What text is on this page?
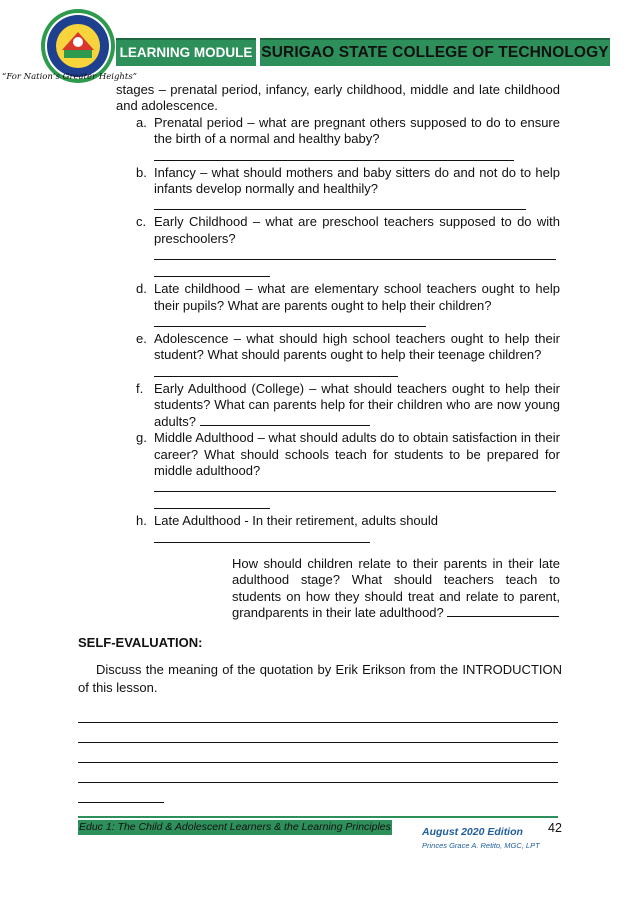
“For Nation’s Greater Heights”
LEARNING MODULE SURIGAO STATE COLLEGE OF TECHNOLOGY

stages – prenatal period, infancy, early childhood, middle and late childhood and adolescence.

a. Prenatal period – what are pregnant others supposed to do to ensure the birth of a normal and healthy baby?
b. Infancy – what should mothers and baby sitters do and not do to help infants develop normally and healthily?
c. Early Childhood – what are preschool teachers supposed to do with preschoolers?
d. Late childhood – what are elementary school teachers ought to help their pupils? What are parents ought to help their children?
e. Adolescence – what should high school teachers ought to help their student? What should parents ought to help their teenage children?
f. Early Adulthood (College) – what should teachers ought to help their students? What can parents help for their children who are now young adults?
g. Middle Adulthood – what should adults do to obtain satisfaction in their career? What should schools teach for students to be prepared for middle adulthood?
h. Late Adulthood - In their retirement, adults should

How should children relate to their parents in their late adulthood stage? What should teachers teach to students on how they should treat and relate to parent, grandparents in their late adulthood?

SELF-EVALUATION:
Discuss the meaning of the quotation by Erik Erikson from the INTRODUCTION of this lesson.
Educ 1: The Child & Adolescent Learners & the Learning Principles	August 2020 Edition
Princes Grace A. Retito, MGC, LPT
42
